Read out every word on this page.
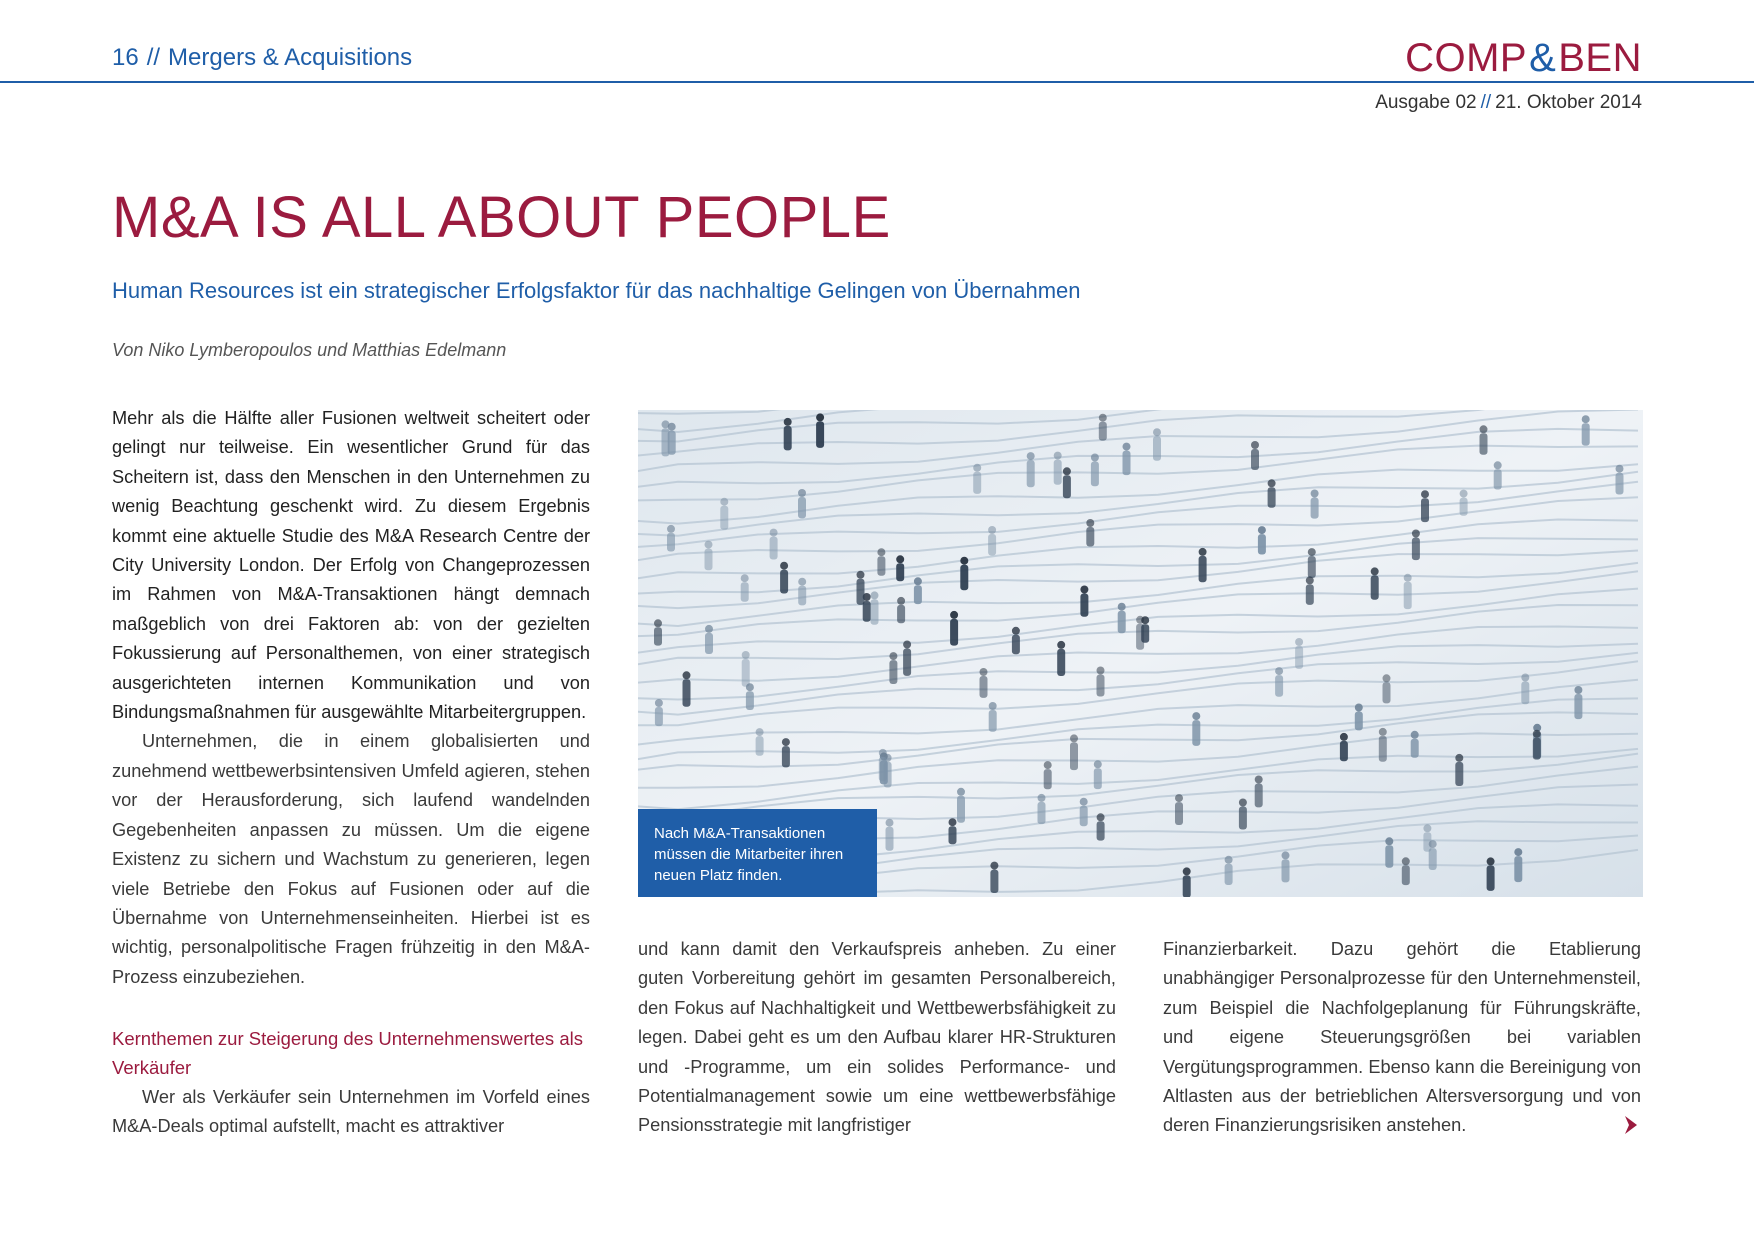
16 // Mergers & Acquisitions	COMP&BEN
Ausgabe 02 // 21. Oktober 2014
M&A IS ALL ABOUT PEOPLE
Human Resources ist ein strategischer Erfolgsfaktor für das nachhaltige Gelingen von Übernahmen
Von Niko Lymberopoulos und Matthias Edelmann

Mehr als die Hälfte aller Fusionen weltweit scheitert oder gelingt nur teilweise. Ein wesentlicher Grund für das Scheitern ist, dass den Menschen in den Unternehmen zu wenig Beachtung geschenkt wird. Zu diesem Ergebnis kommt eine aktuelle Studie des M&A Research Centre der City University London. Der Erfolg von Changeprozessen im Rahmen von M&A-Transaktionen hängt demnach maßgeblich von drei Faktoren ab: von der gezielten Fokussierung auf Personalthemen, von einer strategisch ausgerichteten internen Kommunikation und von Bindungsmaßnahmen für ausgewählte Mitarbeitergruppen.

Unternehmen, die in einem globalisierten und zunehmend wettbewerbsintensiven Umfeld agieren, stehen vor der Herausforderung, sich laufend wandelnden Gegebenheiten anpassen zu müssen. Um die eigene Existenz zu sichern und Wachstum zu generieren, legen viele Betriebe den Fokus auf Fusionen oder auf die Übernahme von Unternehmenseinheiten. Hierbei ist es wichtig, personalpolitische Fragen frühzeitig in den M&A-Prozess einzubeziehen.

Kernthemen zur Steigerung des Unternehmenswertes als Verkäufer

Wer als Verkäufer sein Unternehmen im Vorfeld eines M&A-Deals optimal aufstellt, macht es attraktiver

Nach M&A-Transaktionen
müssen die Mitarbeiter ihren
neuen Platz finden.

und kann damit den Verkaufspreis anheben. Zu einer guten Vorbereitung gehört im gesamten Personalbereich, den Fokus auf Nachhaltigkeit und Wettbewerbsfähigkeit zu legen. Dabei geht es um den Aufbau klarer HR-Strukturen und -Programme, um ein solides Performance- und Potentialmanagement sowie um eine wettbewerbsfähige Pensionsstrategie mit langfristiger

Finanzierbarkeit. Dazu gehört die Etablierung unabhängiger Personalprozesse für den Unternehmensteil, zum Beispiel die Nachfolgeplanung für Führungskräfte, und eigene Steuerungsgrößen bei variablen Vergütungsprogrammen. Ebenso kann die Bereinigung von Altlasten aus der betrieblichen Altersversorgung und von deren Finanzierungsrisiken anstehen.
